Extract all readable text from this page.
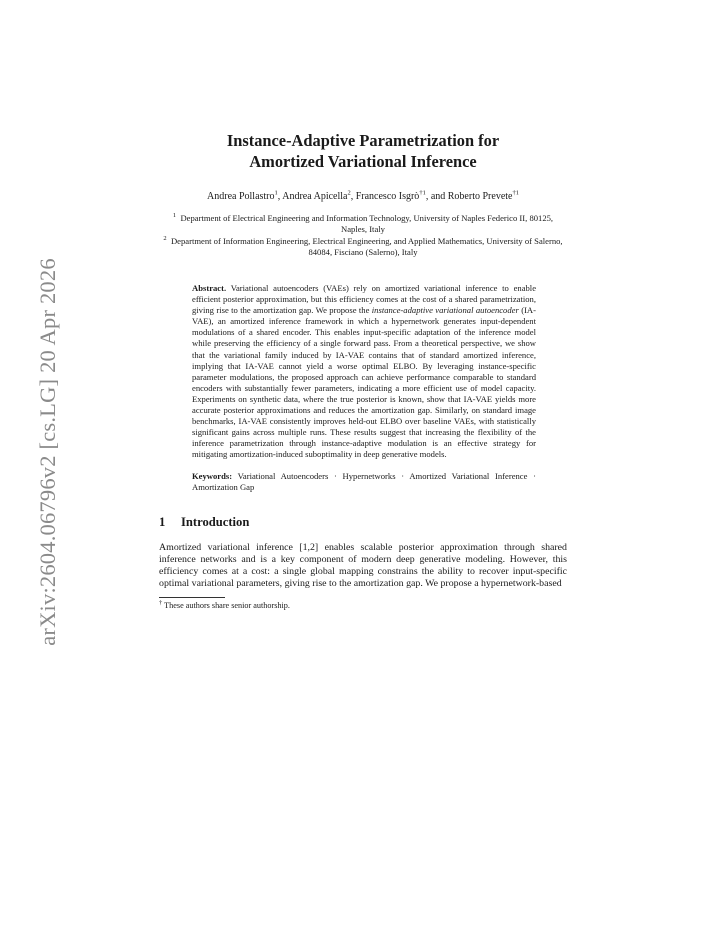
arXiv:2604.06796v2 [cs.LG] 20 Apr 2026
Instance-Adaptive Parametrization for
Amortized Variational Inference
Andrea Pollastro$^1$, Andrea Apicella$^2$, Francesco Isgrò$^{\dagger 1}$, and Roberto Prevete$^{\dagger 1}$

$^1$ Department of Electrical Engineering and Information Technology, University of Naples Federico II, 80125, Naples, Italy

$^2$ Department of Information Engineering, Electrical Engineering, and Applied Mathematics, University of Salerno, 84084, Fisciano (Salerno), Italy

Abstract. Variational autoencoders (VAEs) rely on amortized variational inference to enable efficient posterior approximation, but this efficiency comes at the cost of a shared parametrization, giving rise to the amortization gap. We propose the instance-adaptive variational autoencoder (IA-VAE), an amortized inference framework in which a hypernetwork generates input-dependent modulations of a shared encoder. This enables input-specific adaptation of the inference model while preserving the efficiency of a single forward pass. From a theoretical perspective, we show that the variational family induced by IA-VAE contains that of standard amortized inference, implying that IA-VAE cannot yield a worse optimal ELBO. By leveraging instance-specific parameter modulations, the proposed approach can achieve performance comparable to standard encoders with substantially fewer parameters, indicating a more efficient use of model capacity. Experiments on synthetic data, where the true posterior is known, show that IA-VAE yields more accurate posterior approximations and reduces the amortization gap. Similarly, on standard image benchmarks, IA-VAE consistently improves held-out ELBO over baseline VAEs, with statistically significant gains across multiple runs. These results suggest that increasing the flexibility of the inference parametrization through instance-adaptive modulation is an effective strategy for mitigating amortization-induced suboptimality in deep generative models.
Keywords: Variational Autoencoders · Hypernetworks · Amortized Variational Inference · Amortization Gap
1 Introduction
Amortized variational inference [1,2] enables scalable posterior approximation through shared inference networks and is a key component of modern deep generative modeling. However, this efficiency comes at a cost: a single global mapping constrains the ability to recover input-specific optimal variational parameters, giving rise to the amortization gap. We propose a hypernetwork-based
† These authors share senior authorship.
